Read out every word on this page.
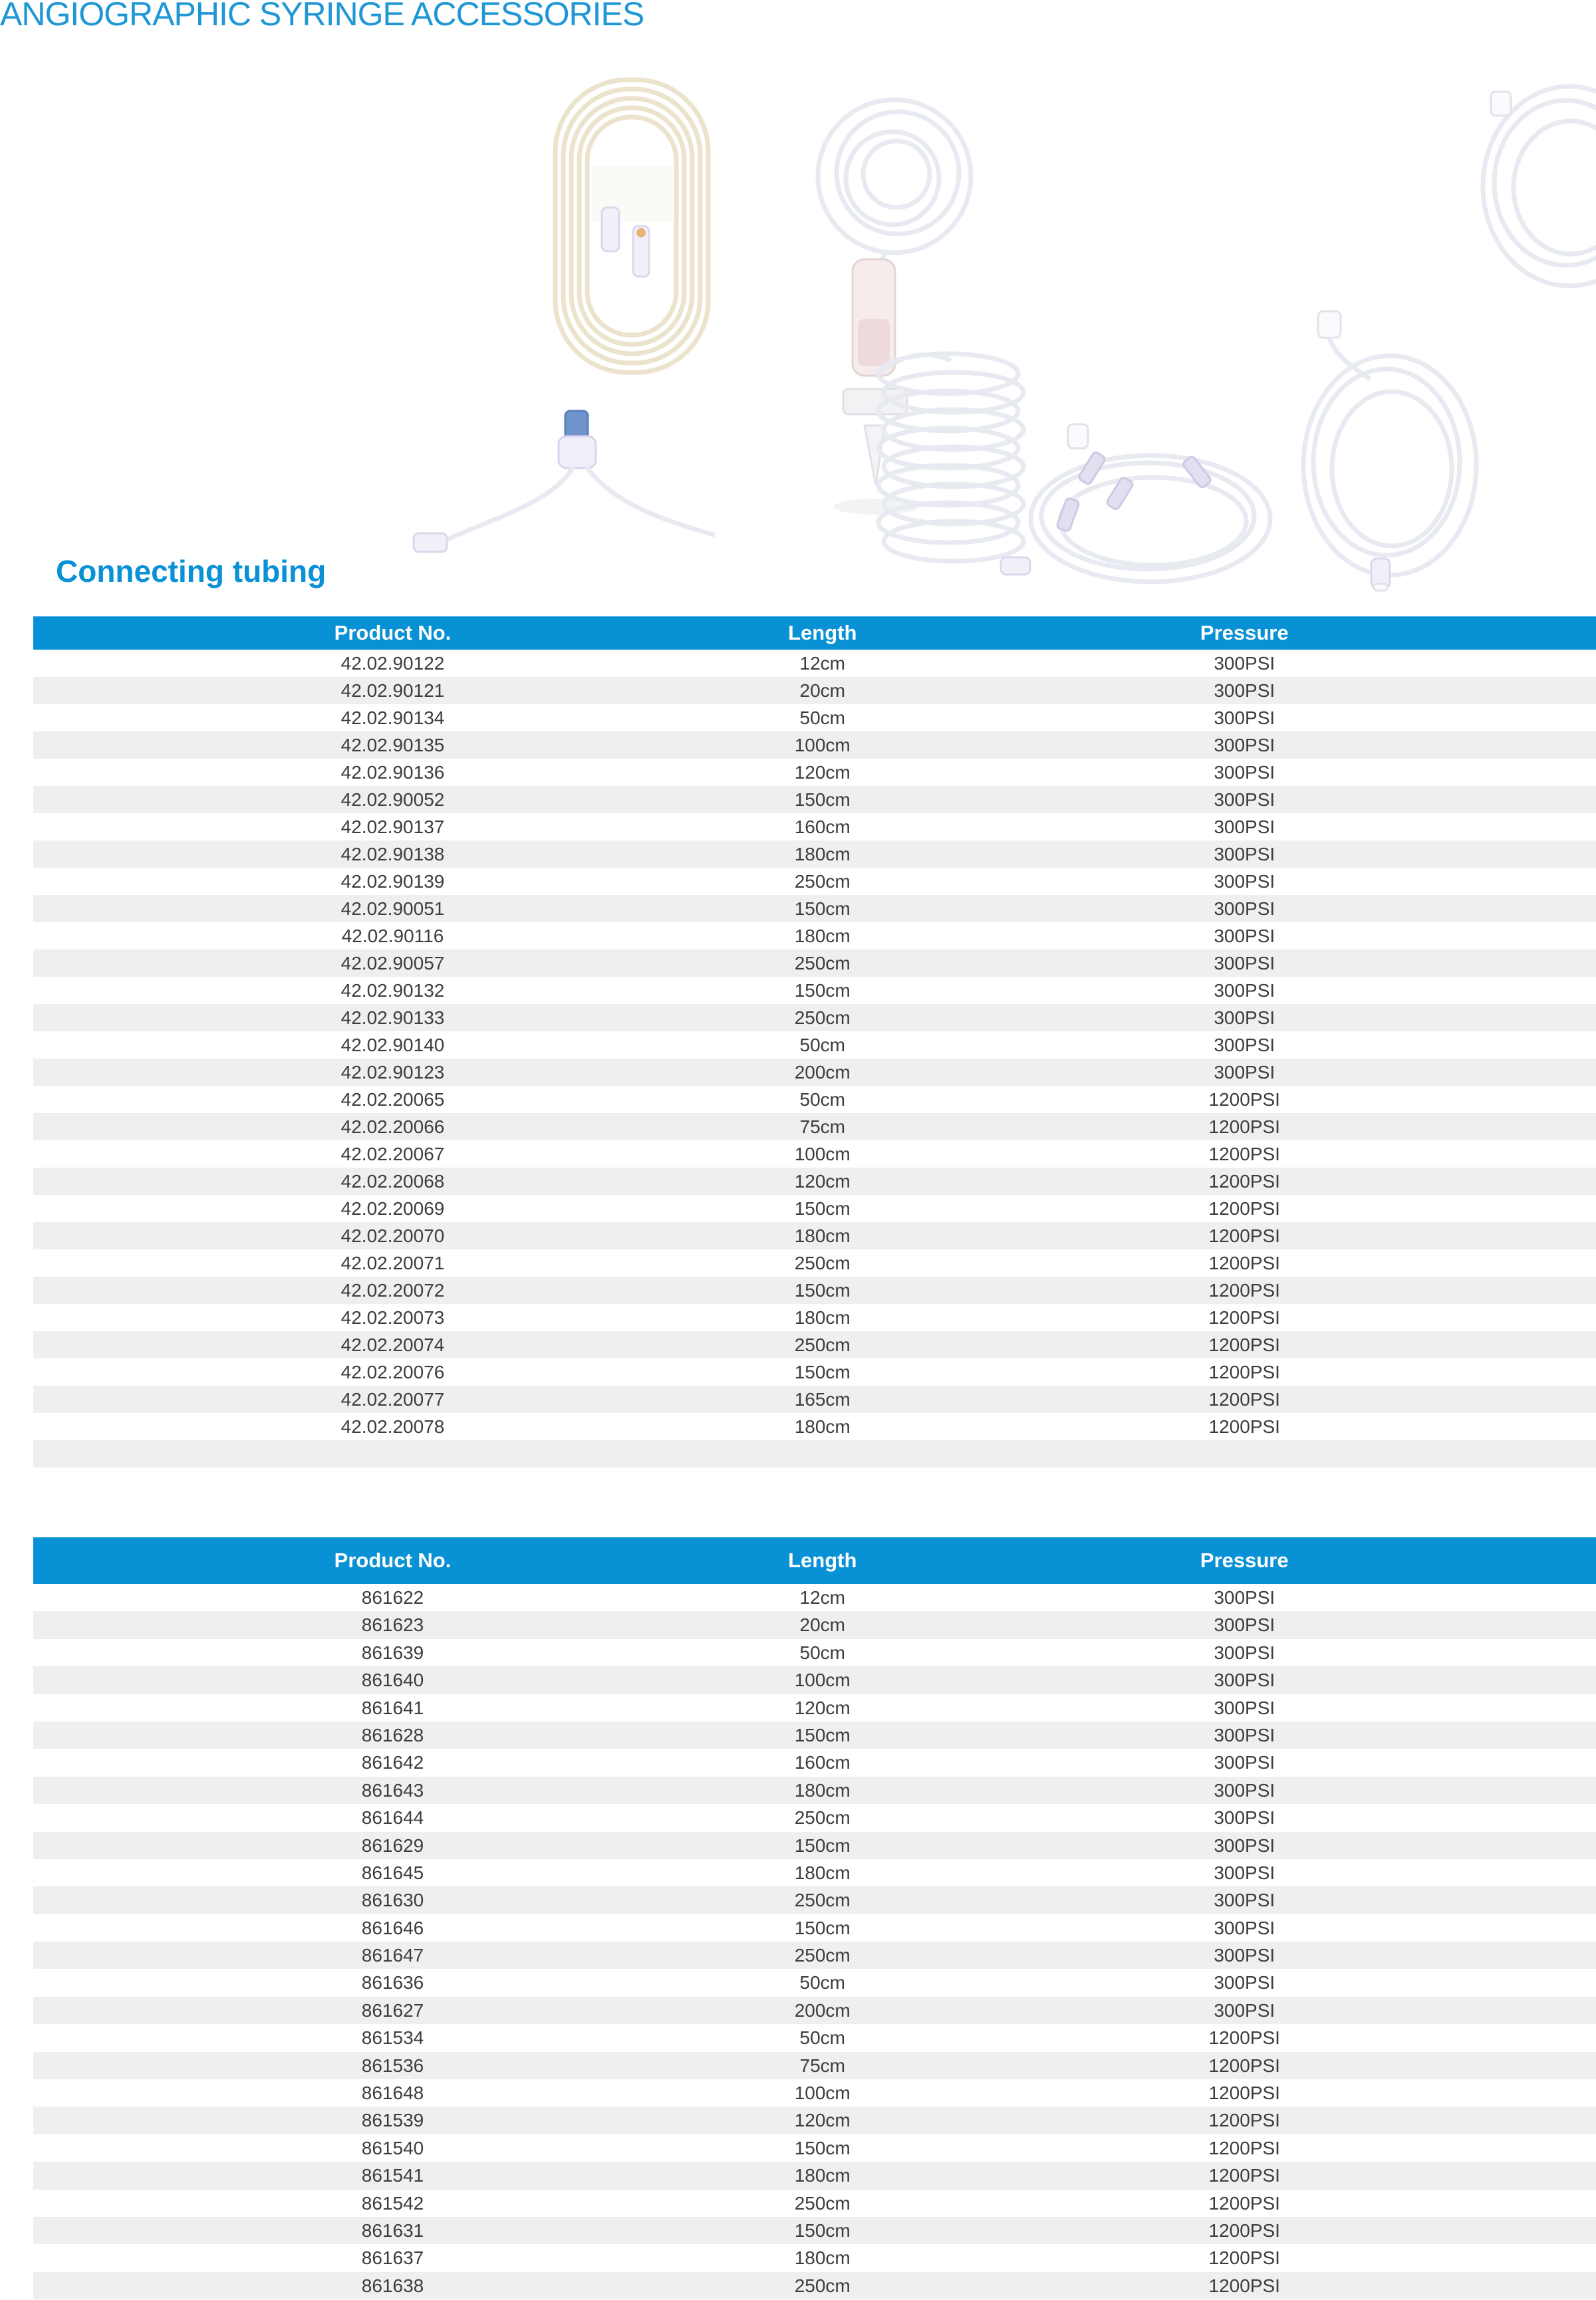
ANGIOGRAPHIC SYRINGE ACCESSORIES
Connecting tubing
Product No.	Length	Pressure
42.02.90122	12cm	300PSI
42.02.90121	20cm	300PSI
42.02.90134	50cm	300PSI
42.02.90135	100cm	300PSI
42.02.90136	120cm	300PSI
42.02.90052	150cm	300PSI
42.02.90137	160cm	300PSI
42.02.90138	180cm	300PSI
42.02.90139	250cm	300PSI
42.02.90051	150cm	300PSI
42.02.90116	180cm	300PSI
42.02.90057	250cm	300PSI
42.02.90132	150cm	300PSI
42.02.90133	250cm	300PSI
42.02.90140	50cm	300PSI
42.02.90123	200cm	300PSI
42.02.20065	50cm	1200PSI
42.02.20066	75cm	1200PSI
42.02.20067	100cm	1200PSI
42.02.20068	120cm	1200PSI
42.02.20069	150cm	1200PSI
42.02.20070	180cm	1200PSI
42.02.20071	250cm	1200PSI
42.02.20072	150cm	1200PSI
42.02.20073	180cm	1200PSI
42.02.20074	250cm	1200PSI
42.02.20076	150cm	1200PSI
42.02.20077	165cm	1200PSI
42.02.20078	180cm	1200PSI
Product No.	Length	Pressure
861622	12cm	300PSI
861623	20cm	300PSI
861639	50cm	300PSI
861640	100cm	300PSI
861641	120cm	300PSI
861628	150cm	300PSI
861642	160cm	300PSI
861643	180cm	300PSI
861644	250cm	300PSI
861629	150cm	300PSI
861645	180cm	300PSI
861630	250cm	300PSI
861646	150cm	300PSI
861647	250cm	300PSI
861636	50cm	300PSI
861627	200cm	300PSI
861534	50cm	1200PSI
861536	75cm	1200PSI
861648	100cm	1200PSI
861539	120cm	1200PSI
861540	150cm	1200PSI
861541	180cm	1200PSI
861542	250cm	1200PSI
861631	150cm	1200PSI
861637	180cm	1200PSI
861638	250cm	1200PSI
